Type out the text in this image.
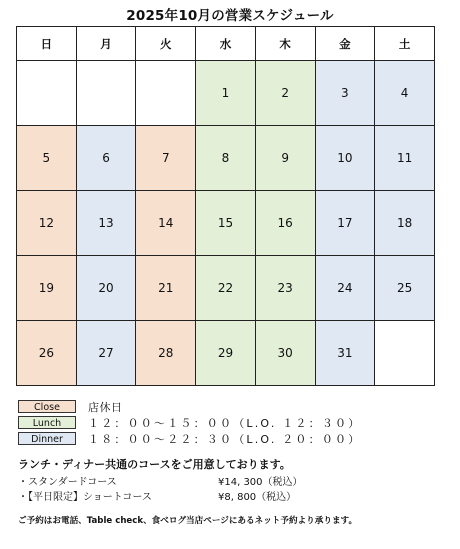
2025年10月の営業スケジュール
日	月	火	水	木	金	土
			1	2	3	4
5	6	7	8	9	10	11
12	13	14	15	16	17	18
19	20	21	22	23	24	25
26	27	28	29	30	31	
Close	店休日
Lunch	１２：００～１５：００（L.O. １２：３０）
Dinner	１８：００～２２：３０（L.O. ２０：００）
ランチ・ディナー共通のコースをご用意しております。
・スタンダードコース	¥14, 300（税込）
・【平日限定】ショートコース	¥8, 800（税込）
ご予約はお電話、Table check、食べログ当店ページにあるネット予約より承ります。
